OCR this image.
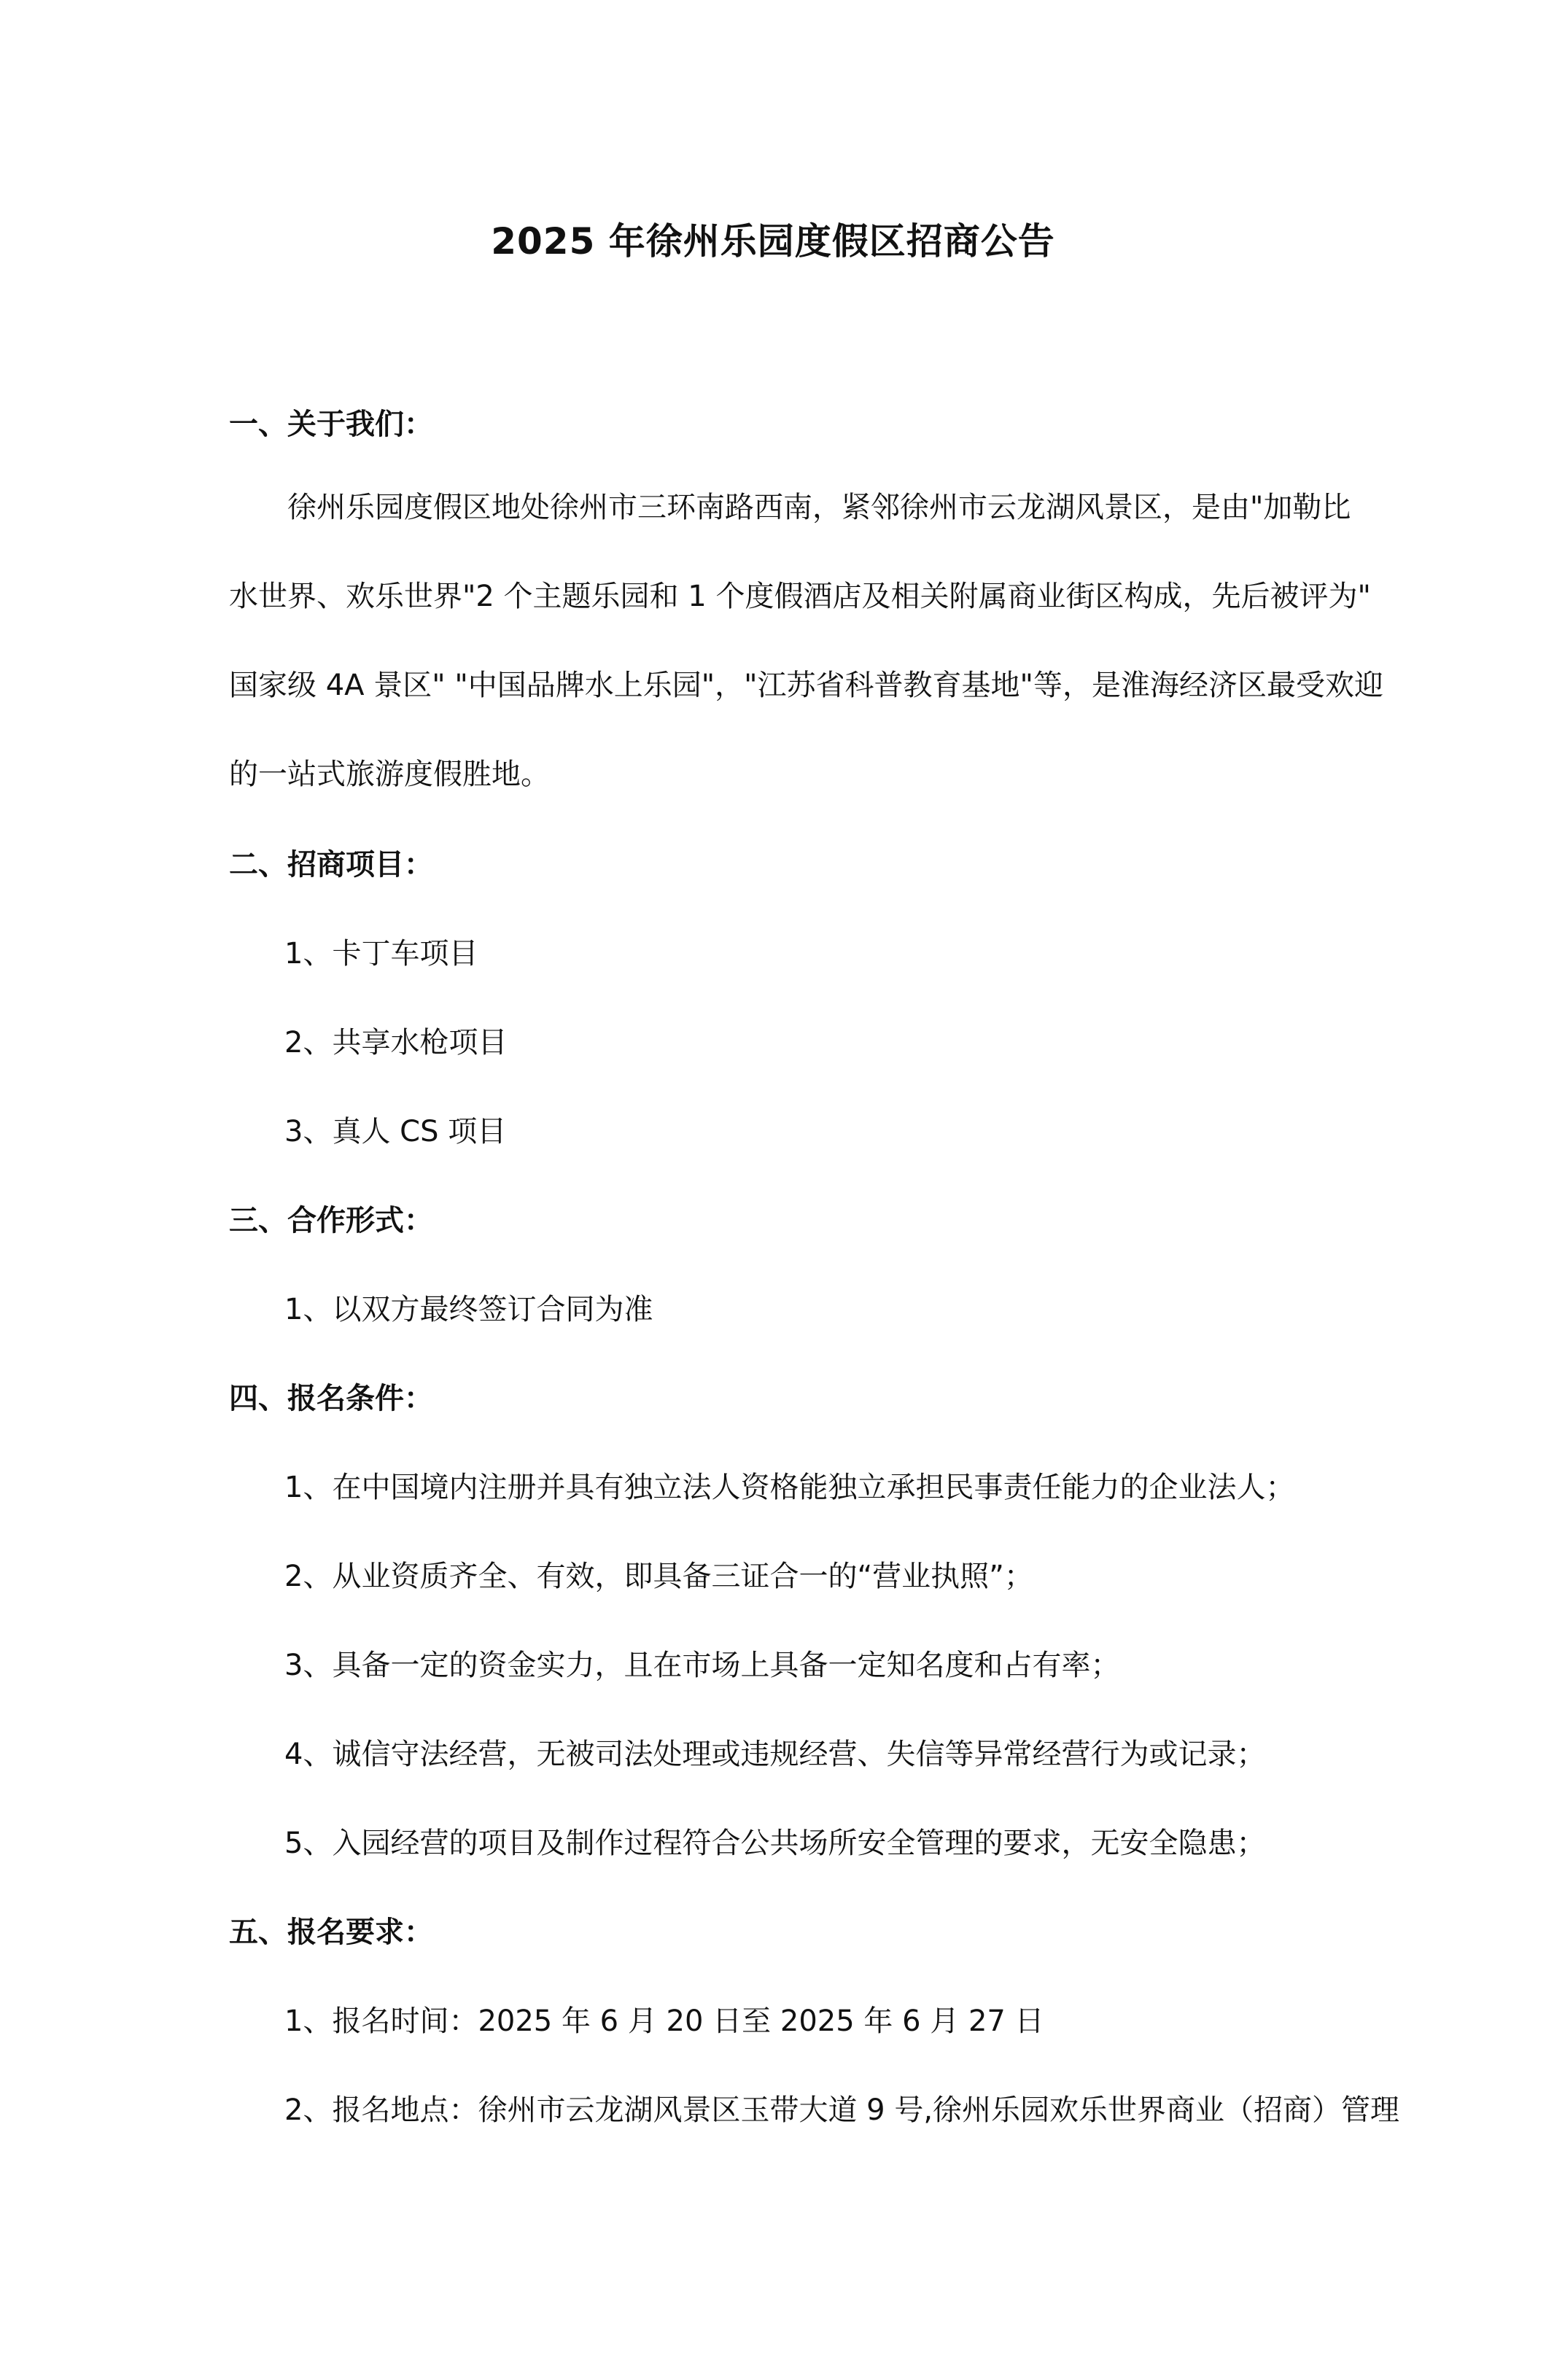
2025 年徐州乐园度假区招商公告
一、关于我们：
　　徐州乐园度假区地处徐州市三环南路西南，紧邻徐州市云龙湖风景区，是由"加勒比
水世界、欢乐世界"2 个主题乐园和 1 个度假酒店及相关附属商业街区构成，先后被评为"
国家级 4A 景区" "中国品牌水上乐园"，"江苏省科普教育基地"等，是淮海经济区最受欢迎
的一站式旅游度假胜地。
二、招商项目：
1、卡丁车项目
2、共享水枪项目
3、真人 CS 项目
三、合作形式：
1、以双方最终签订合同为准
四、报名条件：
1、在中国境内注册并具有独立法人资格能独立承担民事责任能力的企业法人；
2、从业资质齐全、有效，即具备三证合一的“营业执照”；
3、具备一定的资金实力，且在市场上具备一定知名度和占有率；
4、诚信守法经营，无被司法处理或违规经营、失信等异常经营行为或记录；
5、入园经营的项目及制作过程符合公共场所安全管理的要求，无安全隐患；
五、报名要求：
1、报名时间：2025 年 6 月 20 日至 2025 年 6 月 27 日
2、报名地点：徐州市云龙湖风景区玉带大道 9 号,徐州乐园欢乐世界商业（招商）管理
